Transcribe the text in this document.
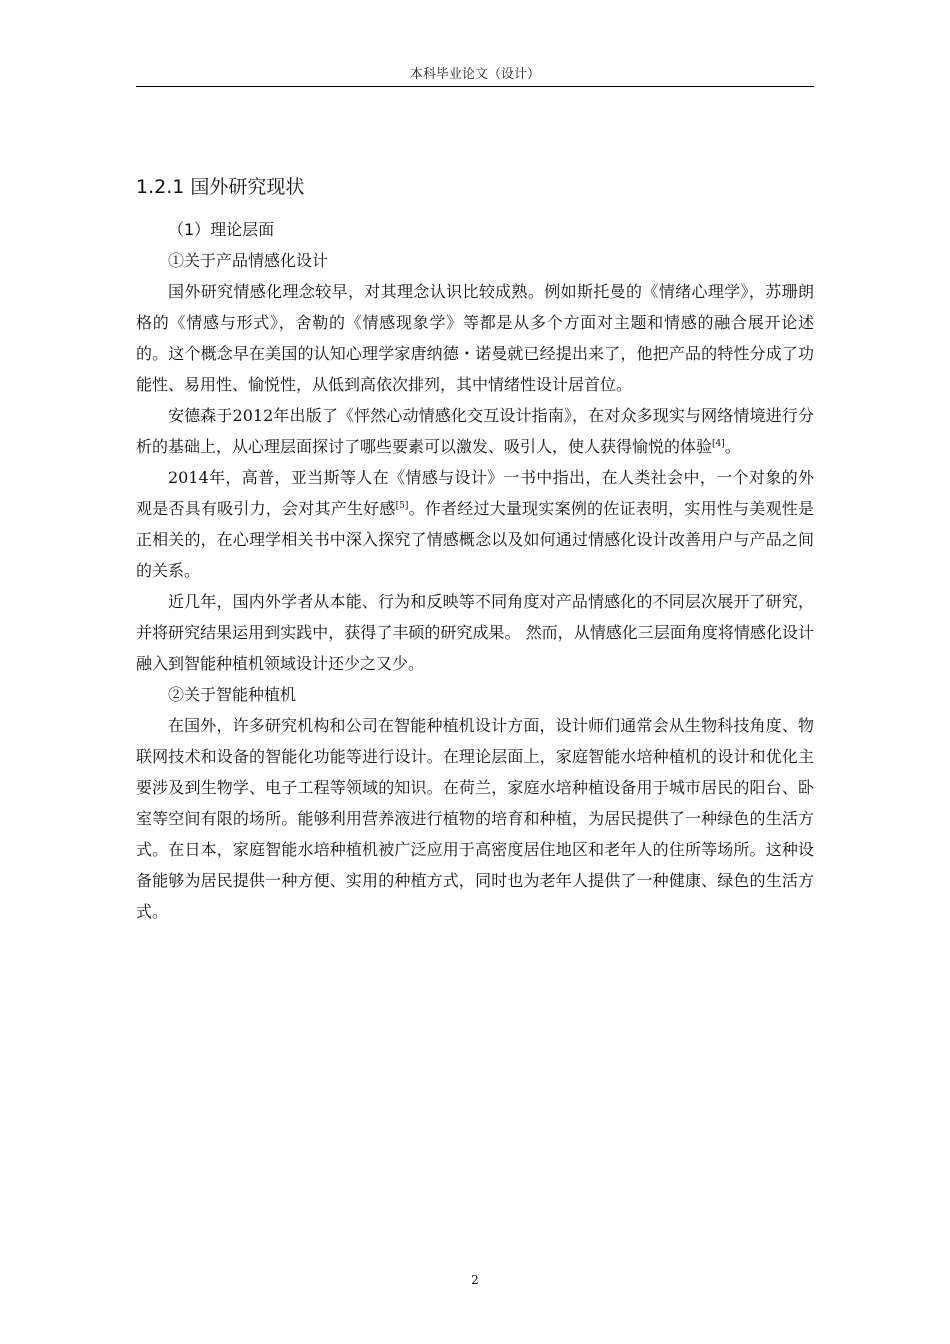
本科毕业论文（设计）
1.2.1 国外研究现状

（1）理论层面

①关于产品情感化设计

国外研究情感化理念较早，对其理念认识比较成熟。例如斯托曼的《情绪心理学》，苏珊朗格的《情感与形式》，舍勒的《情感现象学》等都是从多个方面对主题和情感的融合展开论述的。这个概念早在美国的认知心理学家唐纳德・诺曼就已经提出来了，他把产品的特性分成了功能性、易用性、愉悦性，从低到高依次排列，其中情绪性设计居首位。

安德森于2012年出版了《怦然心动情感化交互设计指南》，在对众多现实与网络情境进行分析的基础上，从心理层面探讨了哪些要素可以激发、吸引人，使人获得愉悦的体验[4]。

2014年，高普，亚当斯等人在《情感与设计》一书中指出，在人类社会中，一个对象的外观是否具有吸引力，会对其产生好感[5]。作者经过大量现实案例的佐证表明，实用性与美观性是正相关的，在心理学相关书中深入探究了情感概念以及如何通过情感化设计改善用户与产品之间的关系。

近几年，国内外学者从本能、行为和反映等不同角度对产品情感化的不同层次展开了研究，并将研究结果运用到实践中，获得了丰硕的研究成果。 然而，从情感化三层面角度将情感化设计融入到智能种植机领域设计还少之又少。

②关于智能种植机

在国外，许多研究机构和公司在智能种植机设计方面，设计师们通常会从生物科技角度、物联网技术和设备的智能化功能等进行设计。在理论层面上，家庭智能水培种植机的设计和优化主要涉及到生物学、电子工程等领域的知识。在荷兰，家庭水培种植设备用于城市居民的阳台、卧室等空间有限的场所。能够利用营养液进行植物的培育和种植，为居民提供了一种绿色的生活方式。在日本，家庭智能水培种植机被广泛应用于高密度居住地区和老年人的住所等场所。这种设备能够为居民提供一种方便、实用的种植方式，同时也为老年人提供了一种健康、绿色的生活方式。

2
